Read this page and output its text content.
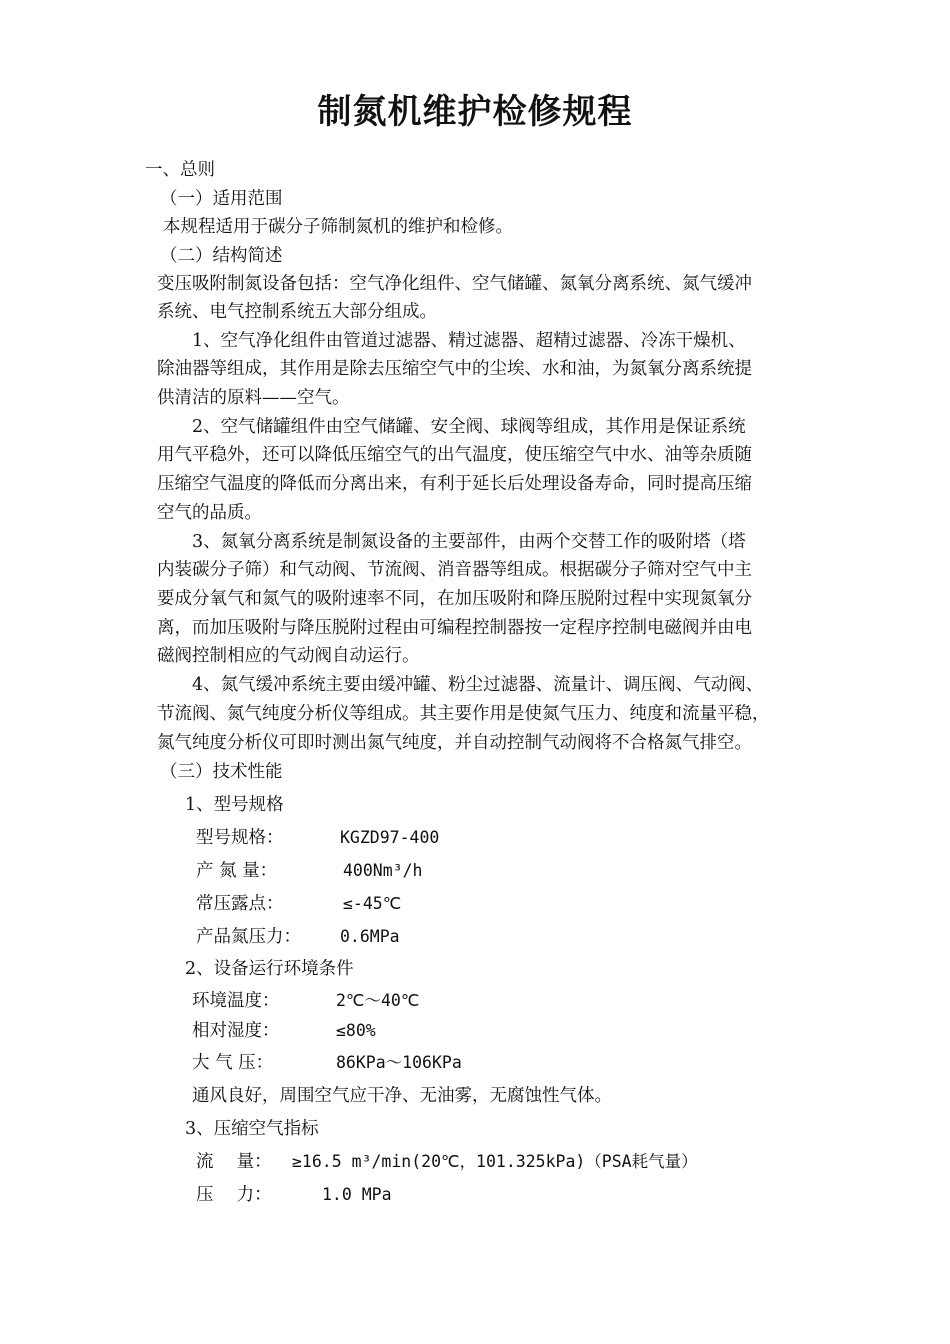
制氮机维护检修规程
一、总则
（一）适用范围
本规程适用于碳分子筛制氮机的维护和检修。
（二）结构简述
变压吸附制氮设备包括：空气净化组件、空气储罐、氮氧分离系统、氮气缓冲
系统、电气控制系统五大部分组成。
1、空气净化组件由管道过滤器、精过滤器、超精过滤器、冷冻干燥机、
除油器等组成，其作用是除去压缩空气中的尘埃、水和油，为氮氧分离系统提
供清洁的原料——空气。
2、空气储罐组件由空气储罐、安全阀、球阀等组成，其作用是保证系统
用气平稳外，还可以降低压缩空气的出气温度，使压缩空气中水、油等杂质随
压缩空气温度的降低而分离出来，有利于延长后处理设备寿命，同时提高压缩
空气的品质。
3、氮氧分离系统是制氮设备的主要部件，由两个交替工作的吸附塔（塔
内装碳分子筛）和气动阀、节流阀、消音器等组成。根据碳分子筛对空气中主
要成分氧气和氮气的吸附速率不同，在加压吸附和降压脱附过程中实现氮氧分
离，而加压吸附与降压脱附过程由可编程控制器按一定程序控制电磁阀并由电
磁阀控制相应的气动阀自动运行。
4、氮气缓冲系统主要由缓冲罐、粉尘过滤器、流量计、调压阀、气动阀、
节流阀、氮气纯度分析仪等组成。其主要作用是使氮气压力、纯度和流量平稳，
氮气纯度分析仪可即时测出氮气纯度，并自动控制气动阀将不合格氮气排空。
（三）技术性能
1、型号规格
型号规格：	KGZD97-400
产 氮 量：	400Nm³/h
常压露点：	≤-45℃
产品氮压力： 0.6MPa
2、设备运行环境条件
环境温度：	2℃～40℃
相对湿度：	≤80%
大 气 压：	86KPa～106KPa
通风良好，周围空气应干净、无油雾，无腐蚀性气体。
3、压缩空气指标
流　 量： ≥16.5 m³/min(20℃，101.325kPa)（PSA耗气量）
压　 力：	1.0 MPa
